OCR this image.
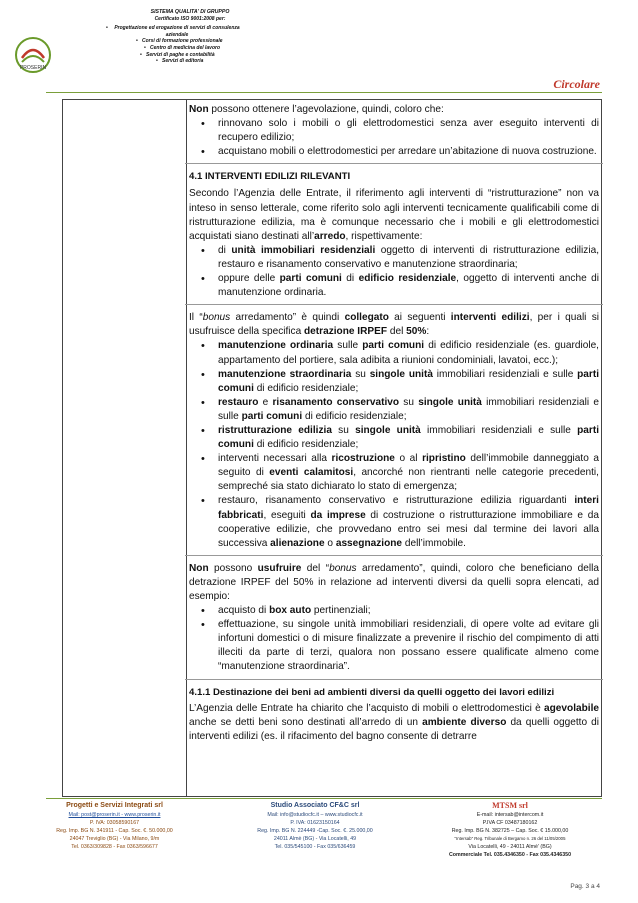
PROSERIN
SISTEMA QUALITA' DI GRUPPO
Certificato ISO 9001:2008 per:
• Progettazione ed erogazione di servizi di consulenza aziendale
• Corsi di formazione professionale
• Centro di medicina del lavoro
• Servizi di paghe e contabilità
• Servizi di editoria
Circolare

Non possono ottenere l’agevolazione, quindi, coloro che:

• rinnovano solo i mobili o gli elettrodomestici senza aver eseguito interventi di recupero edilizio;
• acquistano mobili o elettrodomestici per arredare un’abitazione di nuova costruzione.
4.1 INTERVENTI EDILIZI RILEVANTI

Secondo l’Agenzia delle Entrate, il riferimento agli interventi di “ristrutturazione” non va inteso in senso letterale, come riferito solo agli interventi tecnicamente qualificabili come di ristrutturazione edilizia, ma è comunque necessario che i mobili e gli elettrodomestici acquistati siano destinati all’arredo, rispettivamente:

• di unità immobiliari residenziali oggetto di interventi di ristrutturazione edilizia, restauro e risanamento conservativo e manutenzione straordinaria;
• oppure delle parti comuni di edificio residenziale, oggetto di interventi anche di manutenzione ordinaria.

Il “bonus arredamento” è quindi collegato ai seguenti interventi edilizi, per i quali si usufruisce della specifica detrazione IRPEF del 50%:

• manutenzione ordinaria sulle parti comuni di edificio residenziale (es. guardiole, appartamento del portiere, sala adibita a riunioni condominiali, lavatoi, ecc.);
• manutenzione straordinaria su singole unità immobiliari residenziali e sulle parti comuni di edificio residenziale;
• restauro e risanamento conservativo su singole unità immobiliari residenziali e sulle parti comuni di edificio residenziale;
• ristrutturazione edilizia su singole unità immobiliari residenziali e sulle parti comuni di edificio residenziale;
• interventi necessari alla ricostruzione o al ripristino dell’immobile danneggiato a seguito di eventi calamitosi, ancorché non rientranti nelle categorie precedenti, sempreché sia stato dichiarato lo stato di emergenza;
• restauro, risanamento conservativo e ristrutturazione edilizia riguardanti interi fabbricati, eseguiti da imprese di costruzione o ristrutturazione immobiliare e da cooperative edilizie, che provvedano entro sei mesi dal termine dei lavori alla successiva alienazione o assegnazione dell’immobile.

Non possono usufruire del “bonus arredamento”, quindi, coloro che beneficiano della detrazione IRPEF del 50% in relazione ad interventi diversi da quelli sopra elencati, ad esempio:

• acquisto di box auto pertinenziali;
• effettuazione, su singole unità immobiliari residenziali, di opere volte ad evitare gli infortuni domestici o di misure finalizzate a prevenire il rischio del compimento di atti illeciti da parte di terzi, qualora non possano essere qualificate almeno come “manutenzione straordinaria”.
4.1.1 Destinazione dei beni ad ambienti diversi da quelli oggetto dei lavori edilizi

L’Agenzia delle Entrate ha chiarito che l’acquisto di mobili o elettrodomestici è agevolabile anche se detti beni sono destinati all’arredo di un ambiente diverso da quelli oggetto di interventi edilizi (es. il rifacimento del bagno consente di detrarre

Progetti e Servizi Integrati srl
Mail: post@proserin.it - www.proserin.it
P. IVA: 03058590167
Reg. Imp. BG N. 341911 - Cap. Soc. €. 50.000,00
24047 Treviglio (BG) - Via Milano, 9/m
Tel. 0363/309828 - Fax 0363/596677
Studio Associato CF&C srl
Mail: info@studiocfc.it – www.studiocfc.it
P. IVA: 01623150164
Reg. Imp. BG N. 224449 -Cap. Soc. €. 25.000,00
24011 Almè (BG) - Via Locatelli, 49
Tel. 035/545100 - Fax 035/636459
MTSM srl
E-mail: intersab@intercom.it
P.IVA CF 03487180162
Reg. Imp. BG N. 382725 – Cap. Soc. € 15.000,00
"Intersab" Reg. Tribunale di Bergamo n. 26 del 11/05/2005
Via Locatelli, 49 - 24011 Almè' (BG)
Commerciale Tel. 035.4346350 - Fax 035.4346350
Pag. 3 a 4
